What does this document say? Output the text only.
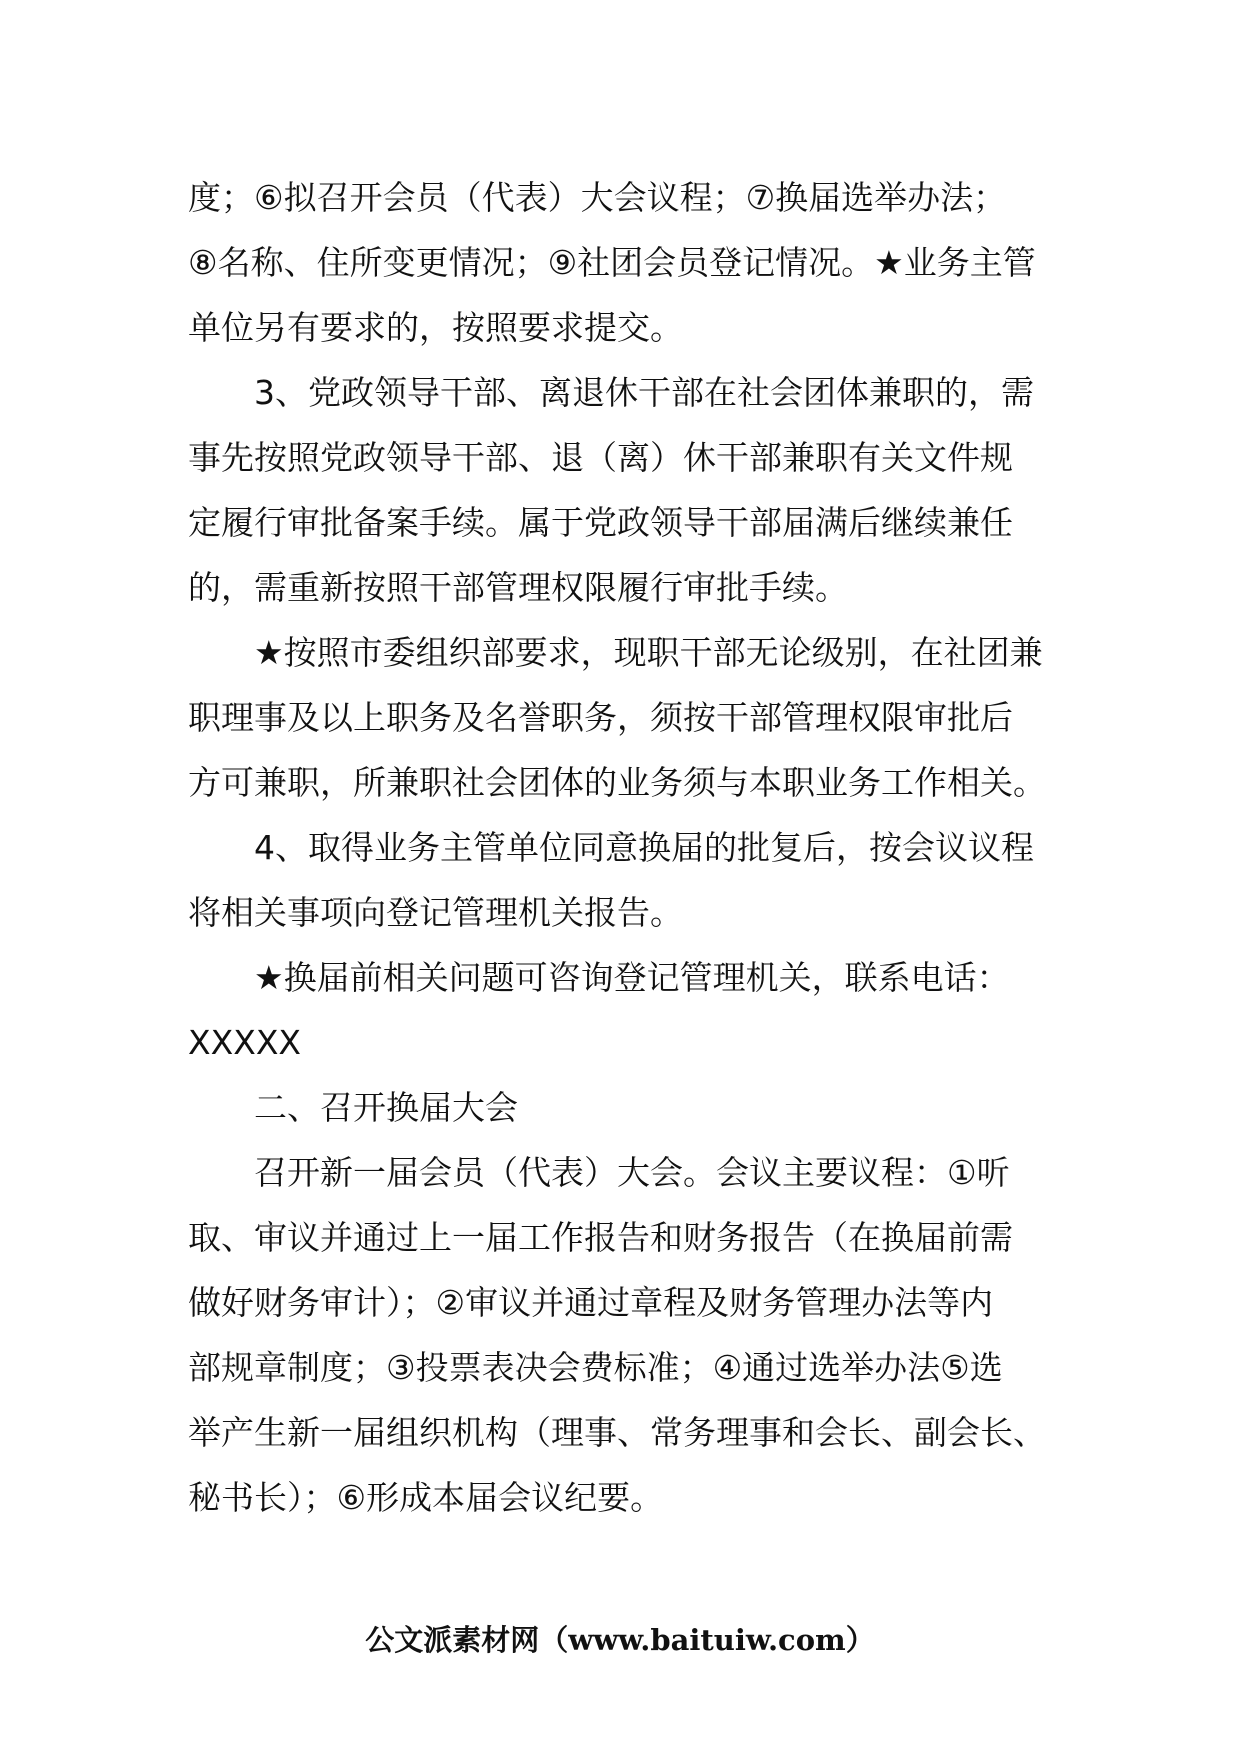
度；⑥拟召开会员（代表）大会议程；⑦换届选举办法；
⑧名称、住所变更情况；⑨社团会员登记情况。★业务主管
单位另有要求的，按照要求提交。
3、党政领导干部、离退休干部在社会团体兼职的，需
事先按照党政领导干部、退（离）休干部兼职有关文件规
定履行审批备案手续。属于党政领导干部届满后继续兼任
的，需重新按照干部管理权限履行审批手续。
★按照市委组织部要求，现职干部无论级别，在社团兼
职理事及以上职务及名誉职务，须按干部管理权限审批后
方可兼职，所兼职社会团体的业务须与本职业务工作相关。
4、取得业务主管单位同意换届的批复后，按会议议程
将相关事项向登记管理机关报告。
★换届前相关问题可咨询登记管理机关，联系电话：
XXXXX
二、召开换届大会
召开新一届会员（代表）大会。会议主要议程：①听
取、审议并通过上一届工作报告和财务报告（在换届前需
做好财务审计）；②审议并通过章程及财务管理办法等内
部规章制度；③投票表决会费标准；④通过选举办法⑤选
举产生新一届组织机构（理事、常务理事和会长、副会长、
秘书长）；⑥形成本届会议纪要。
公文派素材网（www.baituiw.com）
